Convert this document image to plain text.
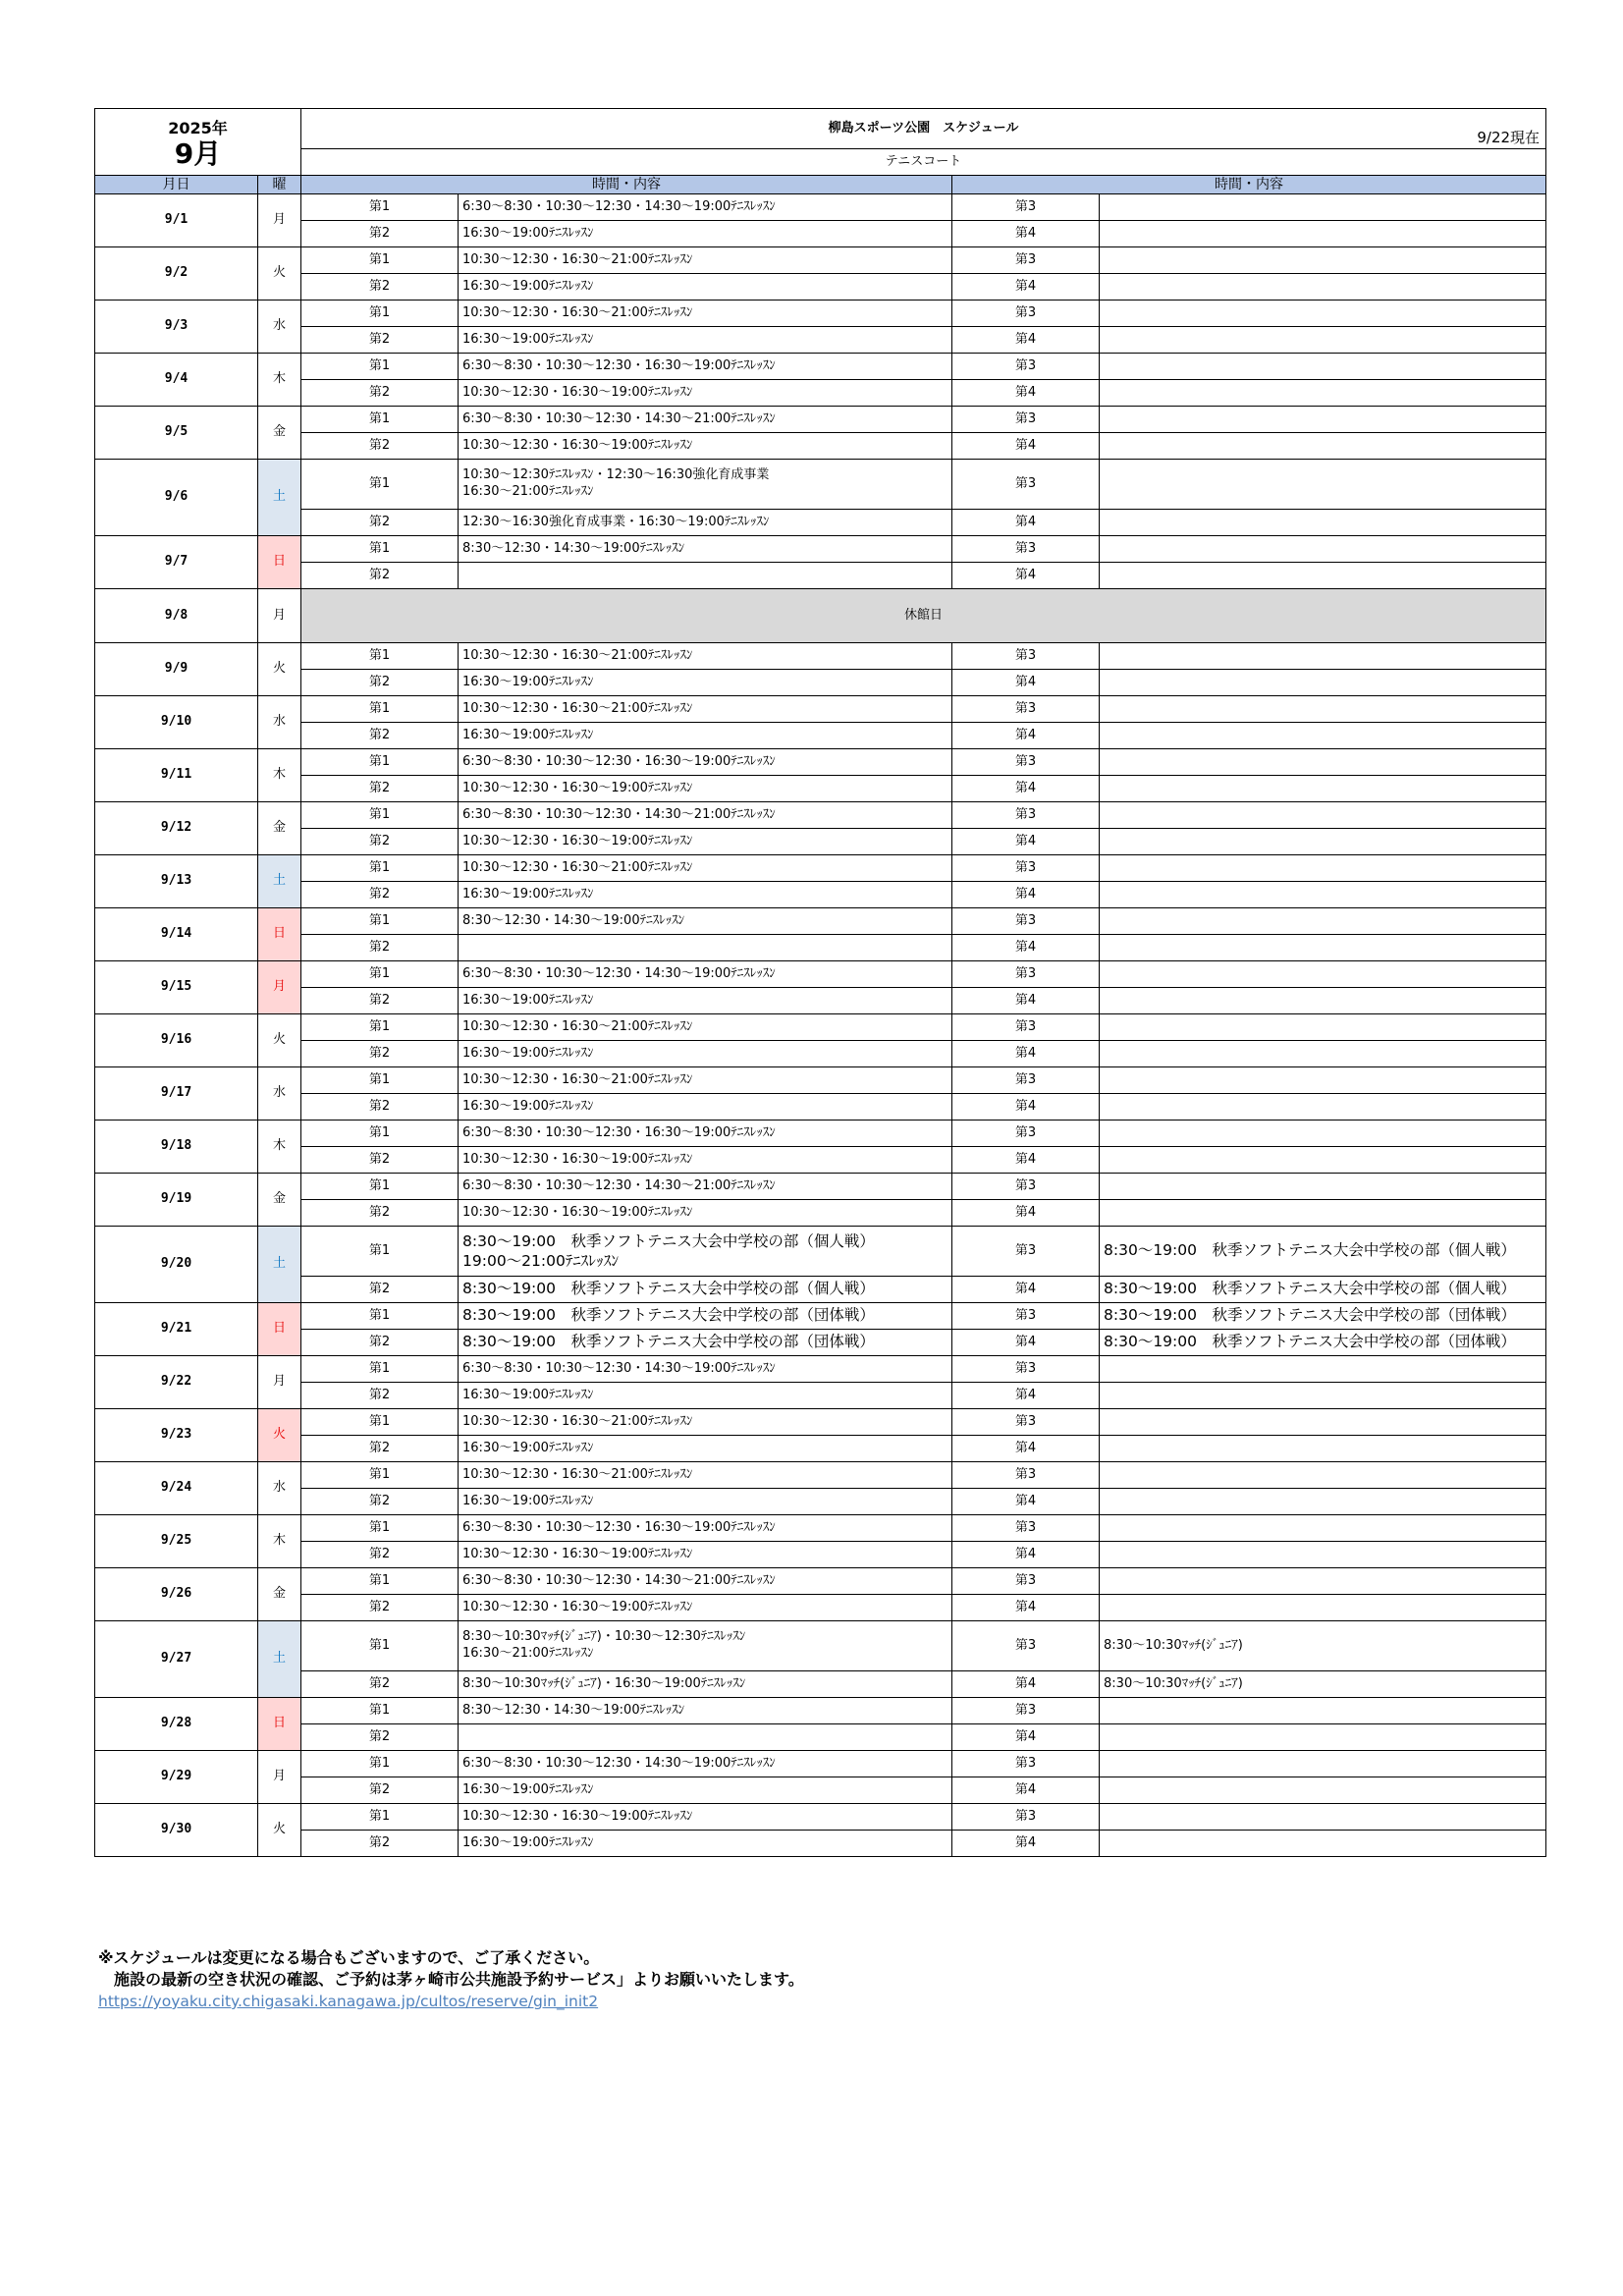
2025年
9月		柳島スポーツ公園　スケジュール
9/22現在			

		テニスコート			
月日	曜	時間・内容		時間・内容	
9/1	月	第1	6:30～8:30・10:30～12:30・14:30～19:00ﾃﾆｽﾚｯｽﾝ	第3	
		第2	16:30～19:00ﾃﾆｽﾚｯｽﾝ	第4	
9/2	火	第1	10:30～12:30・16:30～21:00ﾃﾆｽﾚｯｽﾝ	第3	
		第2	16:30～19:00ﾃﾆｽﾚｯｽﾝ	第4	
9/3	水	第1	10:30～12:30・16:30～21:00ﾃﾆｽﾚｯｽﾝ	第3	
		第2	16:30～19:00ﾃﾆｽﾚｯｽﾝ	第4	
9/4	木	第1	6:30～8:30・10:30～12:30・16:30～19:00ﾃﾆｽﾚｯｽﾝ	第3	
		第2	10:30～12:30・16:30～19:00ﾃﾆｽﾚｯｽﾝ	第4	
9/5	金	第1	6:30～8:30・10:30～12:30・14:30～21:00ﾃﾆｽﾚｯｽﾝ	第3	
		第2	10:30～12:30・16:30～19:00ﾃﾆｽﾚｯｽﾝ	第4	
9/6	土	第1	10:30～12:30ﾃﾆｽﾚｯｽﾝ・12:30～16:30強化育成事業
16:30～21:00ﾃﾆｽﾚｯｽﾝ	第3	
		第2	12:30～16:30強化育成事業・16:30～19:00ﾃﾆｽﾚｯｽﾝ	第4	
9/7	日	第1	8:30～12:30・14:30～19:00ﾃﾆｽﾚｯｽﾝ	第3	
		第2		第4	
9/8	月	休館日			
9/9	火	第1	10:30～12:30・16:30～21:00ﾃﾆｽﾚｯｽﾝ	第3	
		第2	16:30～19:00ﾃﾆｽﾚｯｽﾝ	第4	
9/10	水	第1	10:30～12:30・16:30～21:00ﾃﾆｽﾚｯｽﾝ	第3	
		第2	16:30～19:00ﾃﾆｽﾚｯｽﾝ	第4	
9/11	木	第1	6:30～8:30・10:30～12:30・16:30～19:00ﾃﾆｽﾚｯｽﾝ	第3	
		第2	10:30～12:30・16:30～19:00ﾃﾆｽﾚｯｽﾝ	第4	
9/12	金	第1	6:30～8:30・10:30～12:30・14:30～21:00ﾃﾆｽﾚｯｽﾝ	第3	
		第2	10:30～12:30・16:30～19:00ﾃﾆｽﾚｯｽﾝ	第4	
9/13	土	第1	10:30～12:30・16:30～21:00ﾃﾆｽﾚｯｽﾝ	第3	
		第2	16:30～19:00ﾃﾆｽﾚｯｽﾝ	第4	
9/14	日	第1	8:30～12:30・14:30～19:00ﾃﾆｽﾚｯｽﾝ	第3	
		第2		第4	
9/15	月	第1	6:30～8:30・10:30～12:30・14:30～19:00ﾃﾆｽﾚｯｽﾝ	第3	
		第2	16:30～19:00ﾃﾆｽﾚｯｽﾝ	第4	
9/16	火	第1	10:30～12:30・16:30～21:00ﾃﾆｽﾚｯｽﾝ	第3	
		第2	16:30～19:00ﾃﾆｽﾚｯｽﾝ	第4	
9/17	水	第1	10:30～12:30・16:30～21:00ﾃﾆｽﾚｯｽﾝ	第3	
		第2	16:30～19:00ﾃﾆｽﾚｯｽﾝ	第4	
9/18	木	第1	6:30～8:30・10:30～12:30・16:30～19:00ﾃﾆｽﾚｯｽﾝ	第3	
		第2	10:30～12:30・16:30～19:00ﾃﾆｽﾚｯｽﾝ	第4	
9/19	金	第1	6:30～8:30・10:30～12:30・14:30～21:00ﾃﾆｽﾚｯｽﾝ	第3	
		第2	10:30～12:30・16:30～19:00ﾃﾆｽﾚｯｽﾝ	第4	
9/20	土	第1	8:30～19:00　秋季ソフトテニス大会中学校の部（個人戦）
19:00～21:00ﾃﾆｽﾚｯｽﾝ	第3	8:30～19:00　秋季ソフトテニス大会中学校の部（個人戦）
		第2	8:30～19:00　秋季ソフトテニス大会中学校の部（個人戦）	第4	8:30～19:00　秋季ソフトテニス大会中学校の部（個人戦）
9/21	日	第1	8:30～19:00　秋季ソフトテニス大会中学校の部（団体戦）	第3	8:30～19:00　秋季ソフトテニス大会中学校の部（団体戦）
		第2	8:30～19:00　秋季ソフトテニス大会中学校の部（団体戦）	第4	8:30～19:00　秋季ソフトテニス大会中学校の部（団体戦）
9/22	月	第1	6:30～8:30・10:30～12:30・14:30～19:00ﾃﾆｽﾚｯｽﾝ	第3	
		第2	16:30～19:00ﾃﾆｽﾚｯｽﾝ	第4	
9/23	火	第1	10:30～12:30・16:30～21:00ﾃﾆｽﾚｯｽﾝ	第3	
		第2	16:30～19:00ﾃﾆｽﾚｯｽﾝ	第4	
9/24	水	第1	10:30～12:30・16:30～21:00ﾃﾆｽﾚｯｽﾝ	第3	
		第2	16:30～19:00ﾃﾆｽﾚｯｽﾝ	第4	
9/25	木	第1	6:30～8:30・10:30～12:30・16:30～19:00ﾃﾆｽﾚｯｽﾝ	第3	
		第2	10:30～12:30・16:30～19:00ﾃﾆｽﾚｯｽﾝ	第4	
9/26	金	第1	6:30～8:30・10:30～12:30・14:30～21:00ﾃﾆｽﾚｯｽﾝ	第3	
		第2	10:30～12:30・16:30～19:00ﾃﾆｽﾚｯｽﾝ	第4	
9/27	土	第1	8:30～10:30ﾏｯﾁ(ｼﾞｭﾆｱ)・10:30～12:30ﾃﾆｽﾚｯｽﾝ
16:30～21:00ﾃﾆｽﾚｯｽﾝ	第3	8:30～10:30ﾏｯﾁ(ｼﾞｭﾆｱ)
		第2	8:30～10:30ﾏｯﾁ(ｼﾞｭﾆｱ)・16:30～19:00ﾃﾆｽﾚｯｽﾝ	第4	8:30～10:30ﾏｯﾁ(ｼﾞｭﾆｱ)
9/28	日	第1	8:30～12:30・14:30～19:00ﾃﾆｽﾚｯｽﾝ	第3	
		第2		第4	
9/29	月	第1	6:30～8:30・10:30～12:30・14:30～19:00ﾃﾆｽﾚｯｽﾝ	第3	
		第2	16:30～19:00ﾃﾆｽﾚｯｽﾝ	第4	
9/30	火	第1	10:30～12:30・16:30～19:00ﾃﾆｽﾚｯｽﾝ	第3	
		第2	16:30～19:00ﾃﾆｽﾚｯｽﾝ	第4	
※スケジュールは変更になる場合もございますので、ご了承ください。
　施設の最新の空き状況の確認、ご予約は茅ヶ崎市公共施設予約サービス」よりお願いいたします。
https://yoyaku.city.chigasaki.kanagawa.jp/cultos/reserve/gin_init2
